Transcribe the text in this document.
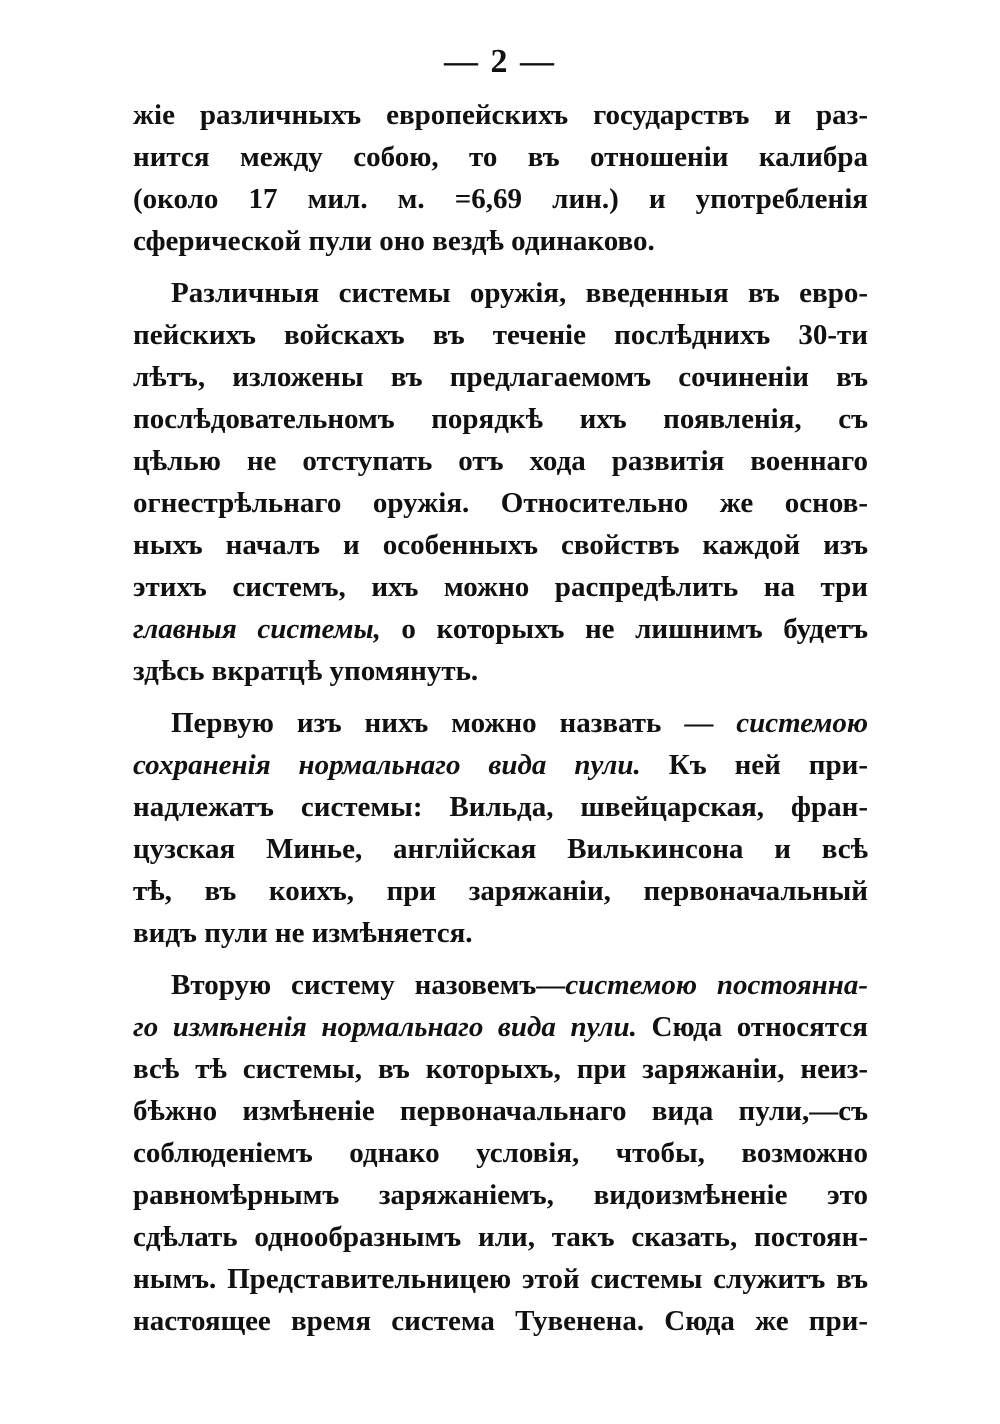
— 2 —
жіе различныхъ европейскихъ государствъ и раз-
нится между собою, то въ отношеніи калибра
(около 17 мил. м. =6,69 лин.) и употребленія
сферической пули оно вездѣ одинаково.
Различныя системы оружія, введенныя въ евро-
пейскихъ войскахъ въ теченіе послѣднихъ 30-ти
лѣтъ, изложены въ предлагаемомъ сочиненіи въ
послѣдовательномъ порядкѣ ихъ появленія, съ
цѣлью не отступать отъ хода развитія военнаго
огнестрѣльнаго оружія. Относительно же основ-
ныхъ началъ и особенныхъ свойствъ каждой изъ
этихъ системъ, ихъ можно распредѣлить на три
главныя системы, о которыхъ не лишнимъ будетъ
здѣсь вкратцѣ упомянуть.
Первую изъ нихъ можно назвать — системою
сохраненія нормальнаго вида пули. Къ ней при-
надлежатъ системы: Вильда, швейцарская, фран-
цузская Минье, англійская Вилькинсона и всѣ
тѣ, въ коихъ, при заряжаніи, первоначальный
видъ пули не измѣняется.
Вторую систему назовемъ—системою постоянна-
го измѣненія нормальнаго вида пули. Сюда относятся
всѣ тѣ системы, въ которыхъ, при заряжаніи, неиз-
бѣжно измѣненіе первоначальнаго вида пули,—съ
соблюденіемъ однако условія, чтобы, возможно
равномѣрнымъ заряжаніемъ, видоизмѣненіе это
сдѣлать однообразнымъ или, такъ сказать, постоян-
нымъ. Представительницею этой системы служитъ въ
настоящее время система Тувенена. Сюда же при-
